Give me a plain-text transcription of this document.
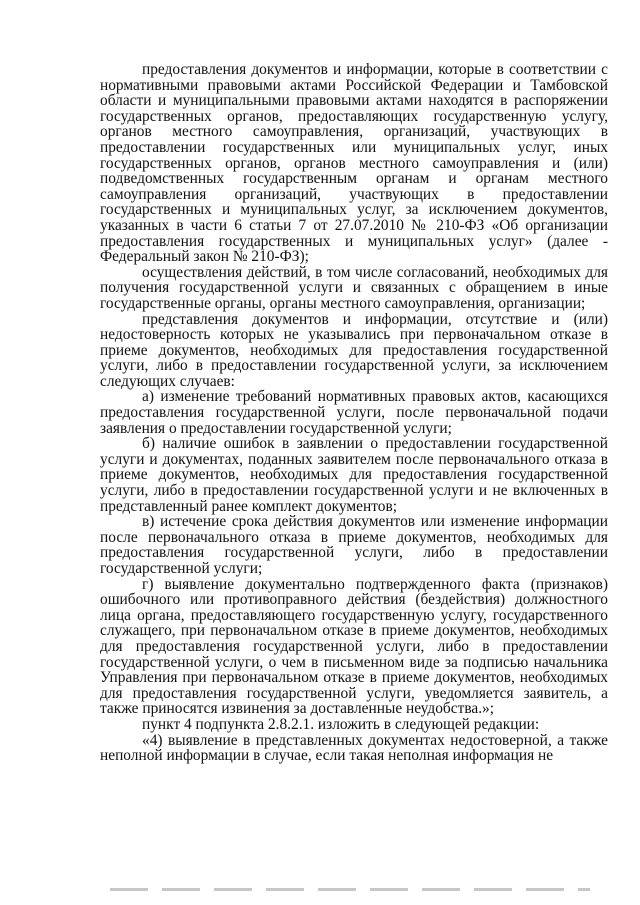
предоставления документов и информации, которые в соответствии с нормативными правовыми актами Российской Федерации и Тамбовской области и муниципальными правовыми актами находятся в распоряжении государственных органов, предоставляющих государственную услугу, органов местного самоуправления, организаций, участвующих в предоставлении государственных или муниципальных услуг, иных государственных органов, органов местного самоуправления и (или) подведомственных государственным органам и органам местного самоуправления организаций, участвующих в предоставлении государственных и муниципальных услуг, за исключением документов, указанных в части 6 статьи 7 от 27.07.2010 № 210-ФЗ «Об организации предоставления государственных и муниципальных услуг» (далее - Федеральный закон № 210-ФЗ);

осуществления действий, в том числе согласований, необходимых для получения государственной услуги и связанных с обращением в иные государственные органы, органы местного самоуправления, организации;

представления документов и информации, отсутствие и (или) недостоверность которых не указывались при первоначальном отказе в приеме документов, необходимых для предоставления государственной услуги, либо в предоставлении государственной услуги, за исключением следующих случаев:

а) изменение требований нормативных правовых актов, касающихся предоставления государственной услуги, после первоначальной подачи заявления о предоставлении государственной услуги;

б) наличие ошибок в заявлении о предоставлении государственной услуги и документах, поданных заявителем после первоначального отказа в приеме документов, необходимых для предоставления государственной услуги, либо в предоставлении государственной услуги и не включенных в представленный ранее комплект документов;

в) истечение срока действия документов или изменение информации после первоначального отказа в приеме документов, необходимых для предоставления государственной услуги, либо в предоставлении государственной услуги;

г) выявление документально подтвержденного факта (признаков) ошибочного или противоправного действия (бездействия) должностного лица органа, предоставляющего государственную услугу, государственного служащего, при первоначальном отказе в приеме документов, необходимых для предоставления государственной услуги, либо в предоставлении государственной услуги, о чем в письменном виде за подписью начальника Управления при первоначальном отказе в приеме документов, необходимых для предоставления государственной услуги, уведомляется заявитель, а также приносятся извинения за доставленные неудобства.»;

пункт 4 подпункта 2.8.2.1. изложить в следующей редакции:

«4) выявление в представленных документах недостоверной, а также неполной информации в случае, если такая неполная информация не
